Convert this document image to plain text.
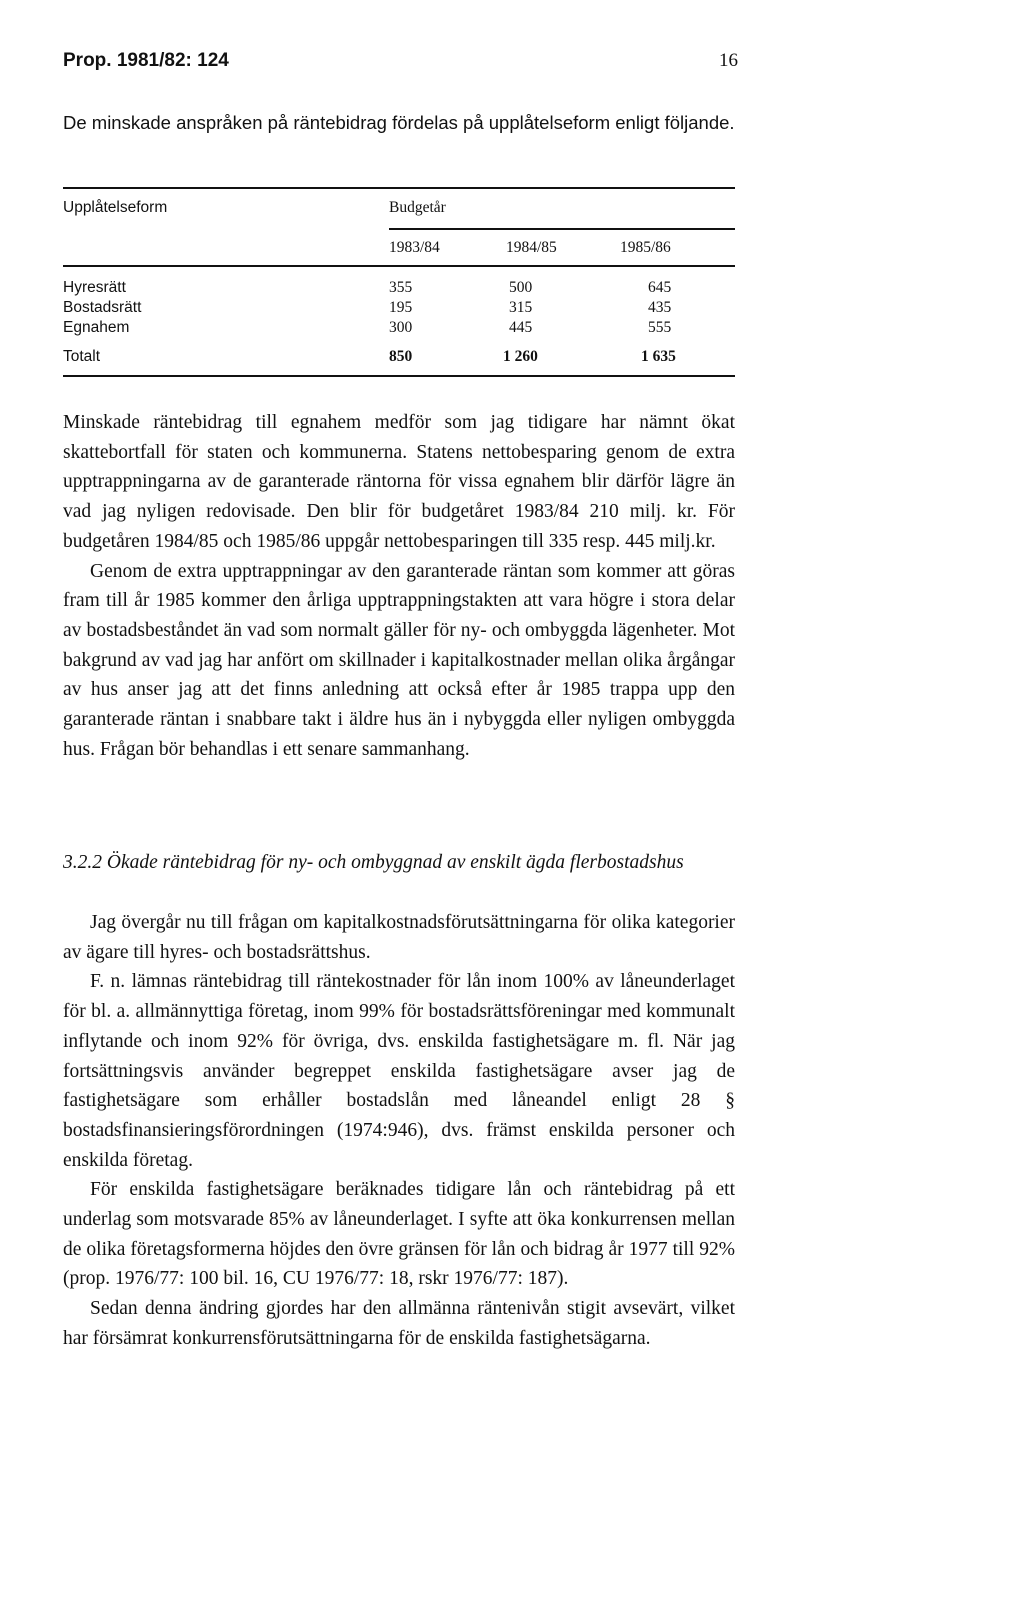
Prop. 1981/82: 124	16
De minskade anspråken på räntebidrag fördelas på upplåtelseform enligt följande.
Upplåtelseform	Budgetår
1983/84	1984/85	1985/86
Hyresrätt	355	500	645
Bostadsrätt	195	315	435
Egnahem	300	445	555
Totalt	850	1 260	1 635

Minskade räntebidrag till egnahem medför som jag tidigare har nämnt ökat skattebortfall för staten och kommunerna. Statens nettobesparing genom de extra upptrappningarna av de garanterade räntorna för vissa egnahem blir därför lägre än vad jag nyligen redovisade. Den blir för budgetåret 1983/84 210 milj. kr. För budgetåren 1984/85 och 1985/86 uppgår nettobesparingen till 335 resp. 445 milj.kr.

Genom de extra upptrappningar av den garanterade räntan som kommer att göras fram till år 1985 kommer den årliga upptrappningstakten att vara högre i stora delar av bostadsbeståndet än vad som normalt gäller för ny- och ombyggda lägenheter. Mot bakgrund av vad jag har anfört om skillnader i kapitalkostnader mellan olika årgångar av hus anser jag att det finns anledning att också efter år 1985 trappa upp den garanterade räntan i snabbare takt i äldre hus än i nybyggda eller nyligen ombyggda hus. Frågan bör behandlas i ett senare sammanhang.

3.2.2 Ökade räntebidrag för ny- och ombyggnad av enskilt ägda flerbostadshus

Jag övergår nu till frågan om kapitalkostnadsförutsättningarna för olika kategorier av ägare till hyres- och bostadsrättshus.

F. n. lämnas räntebidrag till räntekostnader för lån inom 100% av låneunderlaget för bl. a. allmännyttiga företag, inom 99% för bostadsrättsföreningar med kommunalt inflytande och inom 92% för övriga, dvs. enskilda fastighetsägare m. fl. När jag fortsättningsvis använder begreppet enskilda fastighetsägare avser jag de fastighetsägare som erhåller bostadslån med låneandel enligt 28 § bostadsfinansieringsförordningen (1974:946), dvs. främst enskilda personer och enskilda företag.

För enskilda fastighetsägare beräknades tidigare lån och räntebidrag på ett underlag som motsvarade 85% av låneunderlaget. I syfte att öka konkurrensen mellan de olika företagsformerna höjdes den övre gränsen för lån och bidrag år 1977 till 92% (prop. 1976/77: 100 bil. 16, CU 1976/77: 18, rskr 1976/77: 187).

Sedan denna ändring gjordes har den allmänna räntenivån stigit avsevärt, vilket har försämrat konkurrensförutsättningarna för de enskilda fastighetsägarna.
